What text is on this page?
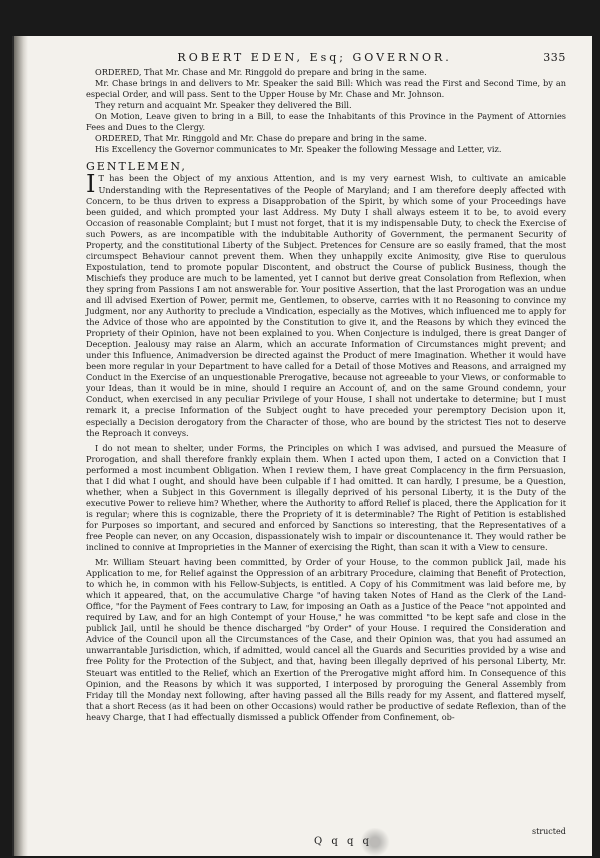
ROBERT EDEN, Esq; GOVERNOR.	335

ORDERED, That Mr. Chase and Mr. Ringgold do prepare and bring in the same.

Mr. Chase brings in and delivers to Mr. Speaker the said Bill: Which was read the First and Second Time, by an especial Order, and will pass. Sent to the Upper House by Mr. Chase and Mr. Johnson.

They return and acquaint Mr. Speaker they delivered the Bill.

On Motion, Leave given to bring in a Bill, to ease the Inhabitants of this Province in the Payment of Attornies Fees and Dues to the Clergy.

ORDERED, That Mr. Ringgold and Mr. Chase do prepare and bring in the same.

His Excellency the Governor communicates to Mr. Speaker the following Message and Letter, viz.

GENTLEMEN,

I T has been the Object of my anxious Attention, and is my very earnest Wish, to cultivate an amicable Understanding with the Representatives of the People of Maryland; and I am therefore deeply affected with Concern, to be thus driven to express a Disapprobation of the Spirit, by which some of your Proceedings have been guided, and which prompted your last Address. My Duty I shall always esteem it to be, to avoid every Occasion of reasonable Complaint; but I must not forget, that it is my indispensable Duty, to check the Exercise of such Powers, as are incompatible with the indubitable Authority of Government, the permanent Security of Property, and the constitutional Liberty of the Subject. Pretences for Censure are so easily framed, that the most circumspect Behaviour cannot prevent them. When they unhappily excite Animosity, give Rise to querulous Expostulation, tend to promote popular Discontent, and obstruct the Course of publick Business, though the Mischiefs they produce are much to be lamented, yet I cannot but derive great Consolation from Reflexion, when they spring from Passions I am not answerable for. Your positive Assertion, that the last Prorogation was an undue and ill advised Exertion of Power, permit me, Gentlemen, to observe, carries with it no Reasoning to convince my Judgment, nor any Authority to preclude a Vindication, especially as the Motives, which influenced me to apply for the Advice of those who are appointed by the Constitution to give it, and the Reasons by which they evinced the Propriety of their Opinion, have not been explained to you. When Conjecture is indulged, there is great Danger of Deception. Jealousy may raise an Alarm, which an accurate Information of Circumstances might prevent; and under this Influence, Animadversion be directed against the Product of mere Imagination. Whether it would have been more regular in your Department to have called for a Detail of those Motives and Reasons, and arraigned my Conduct in the Exercise of an unquestionable Prerogative, because not agreeable to your Views, or conformable to your Ideas, than it would be in mine, should I require an Account of, and on the same Ground condemn, your Conduct, when exercised in any peculiar Privilege of your House, I shall not undertake to determine; but I must remark it, a precise Information of the Subject ought to have preceded your peremptory Decision upon it, especially a Decision derogatory from the Character of those, who are bound by the strictest Ties not to deserve the Reproach it conveys.

I do not mean to shelter, under Forms, the Principles on which I was advised, and pursued the Measure of Prorogation, and shall therefore frankly explain them. When I acted upon them, I acted on a Conviction that I performed a most incumbent Obligation. When I review them, I have great Complacency in the firm Persuasion, that I did what I ought, and should have been culpable if I had omitted. It can hardly, I presume, be a Question, whether, when a Subject in this Government is illegally deprived of his personal Liberty, it is the Duty of the executive Power to relieve him? Whether, where the Authority to afford Relief is placed, there the Application for it is regular; where this is cognizable, there the Propriety of it is determinable? The Right of Petition is established for Purposes so important, and secured and enforced by Sanctions so interesting, that the Representatives of a free People can never, on any Occasion, dispassionately wish to impair or discountenance it. They would rather be inclined to connive at Improprieties in the Manner of exercising the Right, than scan it with a View to censure.

Mr. William Steuart having been committed, by Order of your House, to the common publick Jail, made his Application to me, for Relief against the Oppression of an arbitrary Procedure, claiming that Benefit of Protection, to which he, in common with his Fellow-Subjects, is entitled. A Copy of his Commitment was laid before me, by which it appeared, that, on the accumulative Charge "of having taken Notes of Hand as the Clerk of the Land-Office, "for the Payment of Fees contrary to Law, for imposing an Oath as a Justice of the Peace "not appointed and required by Law, and for an high Contempt of your House," he was committed "to be kept safe and close in the publick Jail, until he should be thence discharged "by Order" of your House. I required the Consideration and Advice of the Council upon all the Circumstances of the Case, and their Opinion was, that you had assumed an unwarrantable Jurisdiction, which, if admitted, would cancel all the Guards and Securities provided by a wise and free Polity for the Protection of the Subject, and that, having been illegally deprived of his personal Liberty, Mr. Steuart was entitled to the Relief, which an Exertion of the Prerogative might afford him. In Consequence of this Opinion, and the Reasons by which it was supported, I interposed by proroguing the General Assembly from Friday till the Monday next following, after having passed all the Bills ready for my Assent, and flattered myself, that a short Recess (as it had been on other Occasions) would rather be productive of sedate Reflexion, than of the heavy Charge, that I had effectually dismissed a publick Offender from Confinement, ob-

Q q q q
structed
